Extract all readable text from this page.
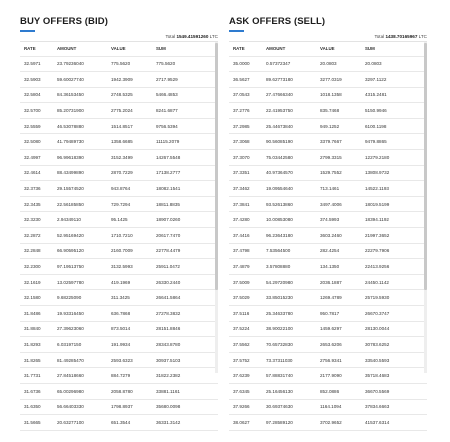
BUY OFFERS (BID)
Total 1549.41591260 LTC
RATE	AMOUNT	VALUE	SUM
32.5971	23.79236040	775.5620	775.5620
32.5903	59.60027740	1942.3909	2717.9529
32.5804	84.36153450	2748.5325	5466.4853
32.5700	85.20731900	2775.2024	8241.6877
32.5559	46.53078880	1514.8517	9756.5394
32.5080	41.79489730	1358.6685	11115.2079
32.4997	96.99618390	3152.3499	14267.5548
32.4614	88.43499890	2870.7229	17138.2777
32.3736	29.15574520	943.8764	18082.1541
32.3435	22.56185850	729.7294	18811.8835
32.3230	2.94349110	95.1425	18907.0260
32.2872	52.95169420	1710.7210	20617.7470
32.2848	66.90595120	2160.7009	22778.4479
32.2300	97.19513750	3132.5993	25911.0472
32.1619	13.02597780	419.1969	26330.2440
32.1580	9.68225090	311.3425	26641.5864
31.8486	19.93316450	636.7868	27278.3832
31.8840	27.39623060	873.5014	28151.8846
31.8293	6.03197150	191.9934	28343.8780
31.8265	81.49285470	2593.6323	30937.5103
31.7731	27.84518660	884.7279	31822.2382
31.6736	65.00296980	2058.8780	33881.1161
31.6350	56.66403330	1798.8937	35680.0098
31.5665	20.63277100	651.3544	36331.3142
ASK OFFERS (SELL)
Total 1438.70165967 LTC
RATE	AMOUNT	VALUE	SUM
35.0000	0.57372347	20.0803	20.0803
36.5627	89.62773180	3277.0319	3297.1122
37.0543	27.47666340	1018.1358	4315.2481
37.2776	22.41953750	835.7468	5150.9946
37.2985	25.44673840	949.1252	6100.1198
37.3068	90.56085190	3379.7667	9479.8865
37.3070	75.03442580	2799.3315	12279.2180
37.3351	40.97364570	1529.7552	13808.9732
37.3462	19.09554640	713.1461	14522.1193
37.3841	93.52613860	3497.4006	18019.5199
37.4280	10.00853080	374.5993	18394.1192
37.4416	96.23643180	3603.2460	21997.3652
37.4798	7.53564500	282.4254	22279.7906
37.4879	3.57808880	134.1350	22413.9256
37.5009	54.29720980	2036.1887	24450.1142
37.5029	33.85015230	1269.4789	25719.5930
37.5116	25.34633780	950.7817	26670.3747
37.5224	38.90022100	1459.6297	28130.0044
37.5562	70.65732830	2653.6206	30783.6252
37.5752	73.37311030	2756.9341	33540.5593
37.6239	57.88831740	2177.9090	35718.4683
37.6345	25.16456130	852.0886	36670.5569
37.9266	30.69374630	1164.1094	37834.6663
38.0627	97.28589120	3702.9652	41537.6314
